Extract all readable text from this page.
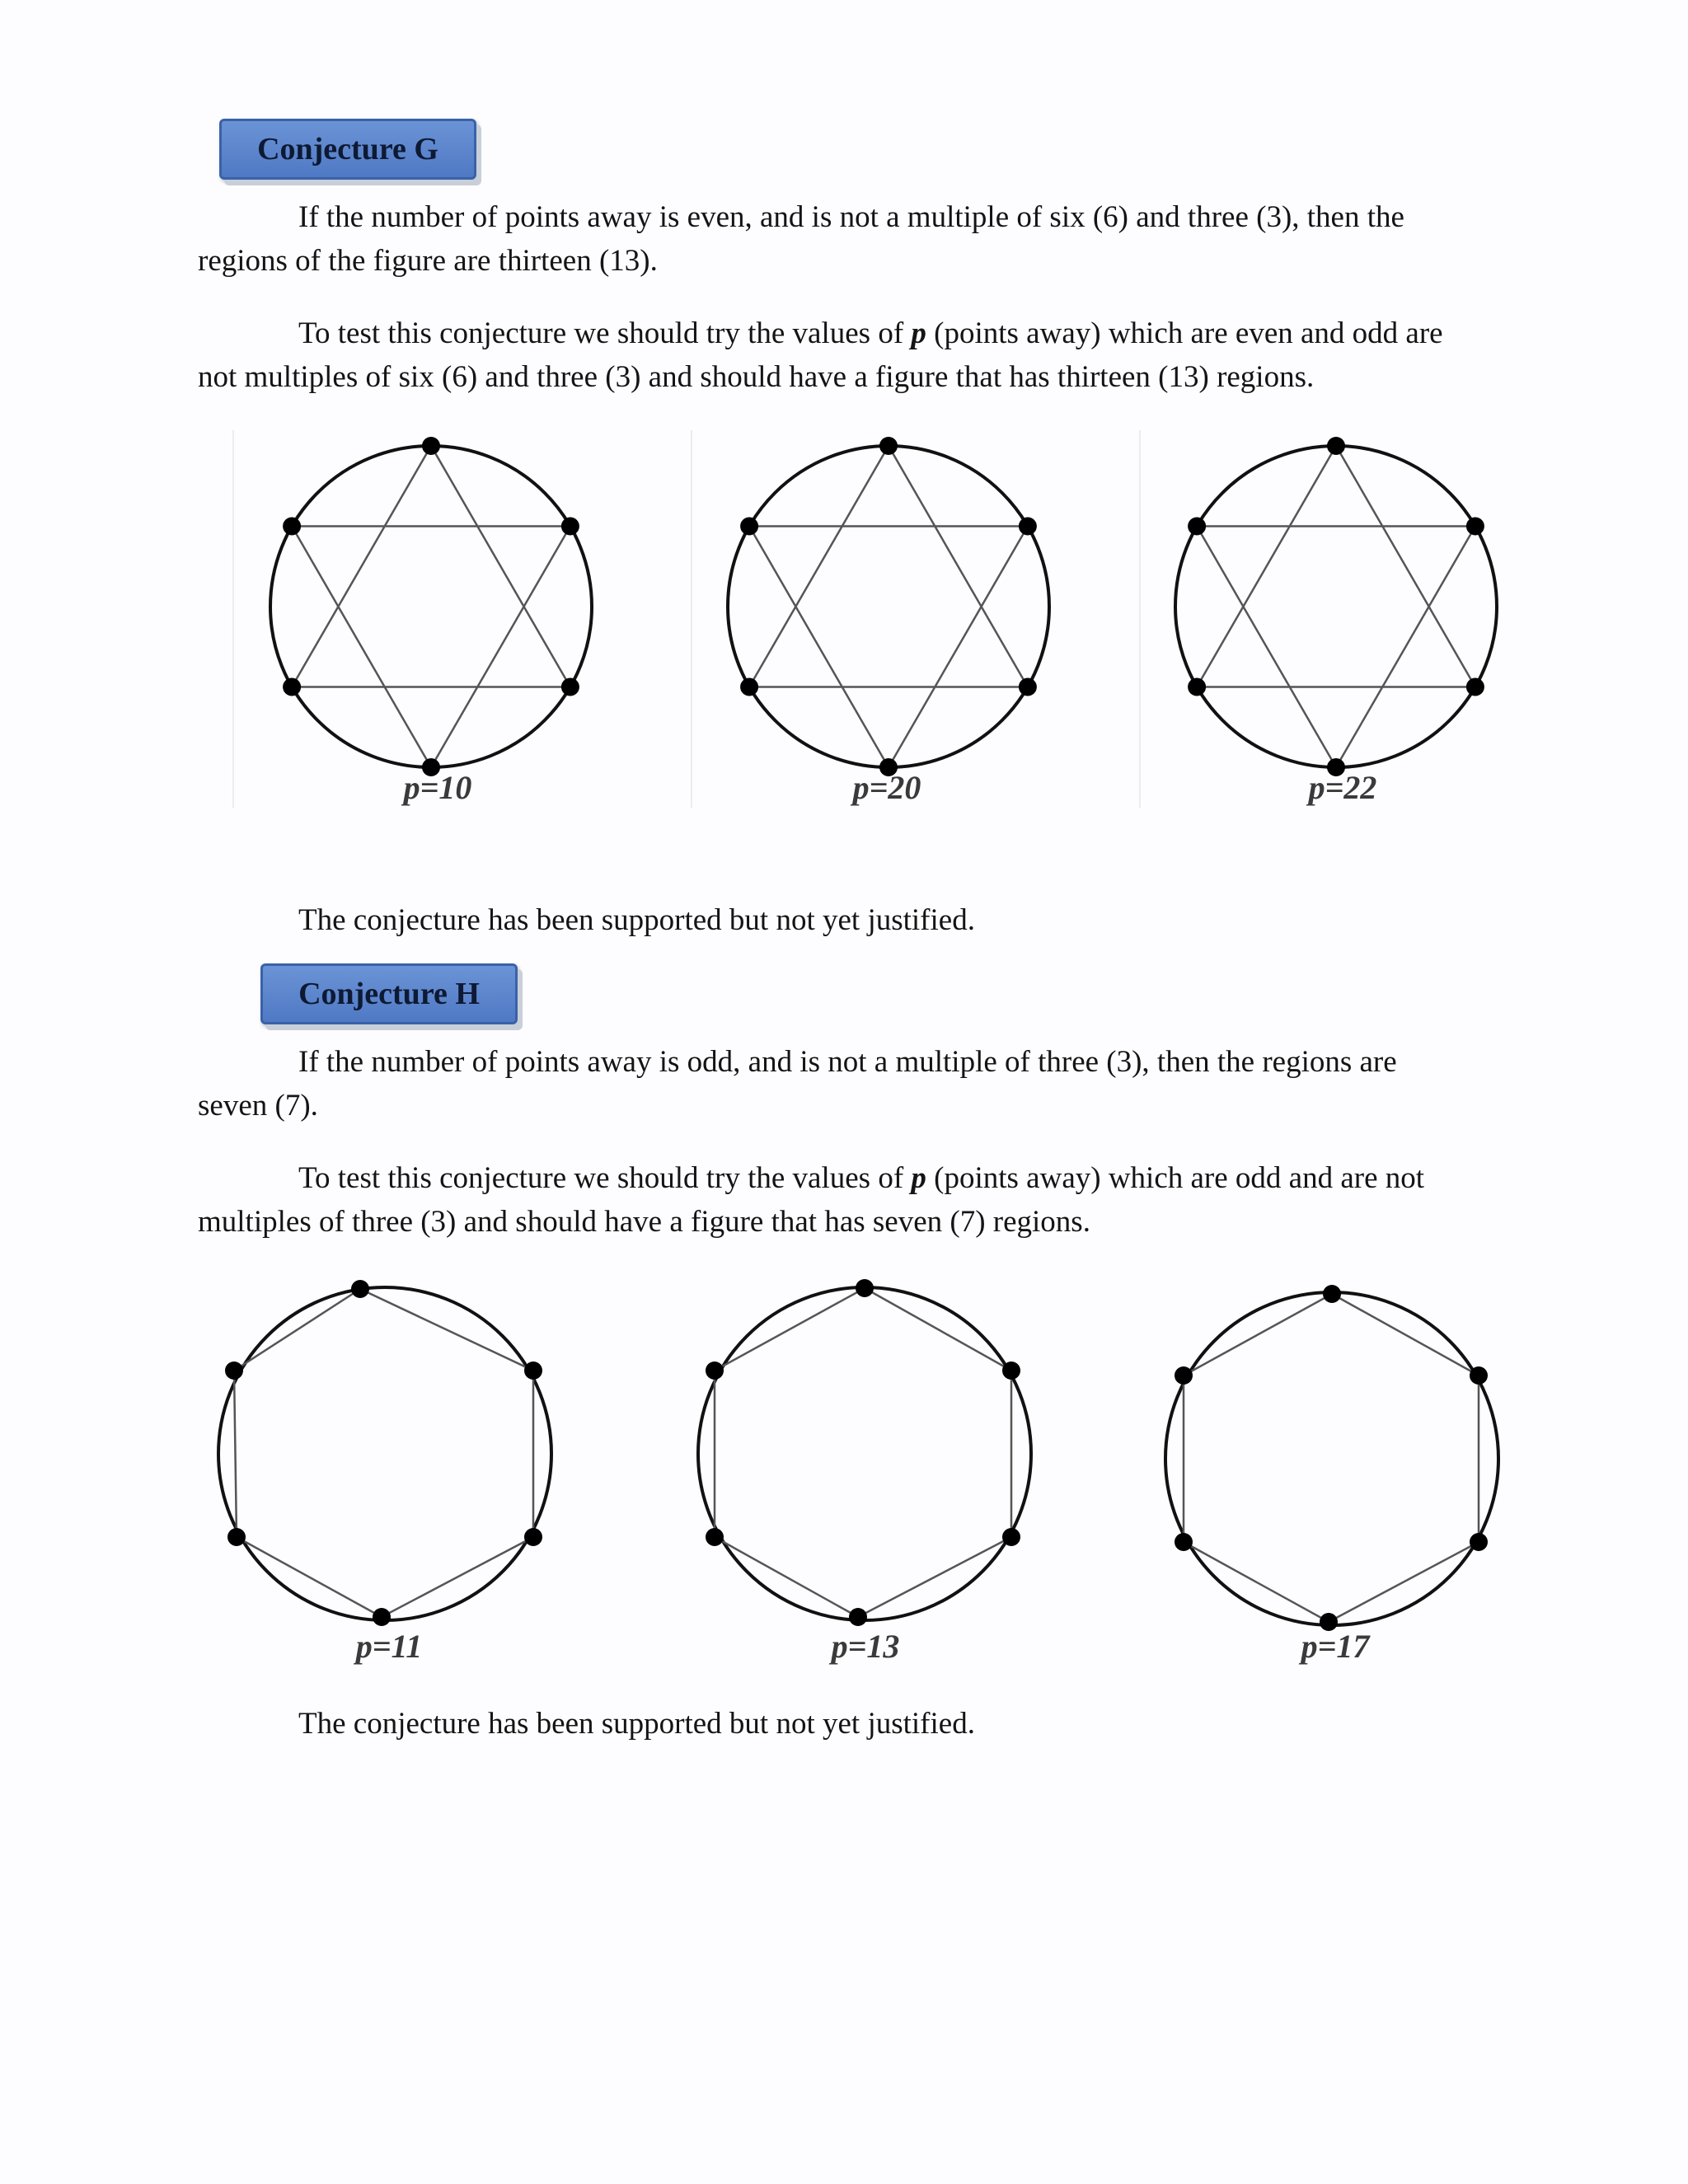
Conjecture G

If the number of points away is even, and is not a multiple of six (6) and three (3), then the regions of the figure are thirteen (13).

To test this conjecture we should try the values of p (points away) which are even and odd are not multiples of six (6) and three (3) and should have a figure that has thirteen (13) regions.

p=10	p=20	p=22

The conjecture has been supported but not yet justified.

Conjecture H

If the number of points away is odd, and is not a multiple of three (3), then the regions are seven (7).

To test this conjecture we should try the values of p (points away) which are odd and are not multiples of three (3) and should have a figure that has seven (7) regions.

p=11	p=13	p=17

The conjecture has been supported but not yet justified.
